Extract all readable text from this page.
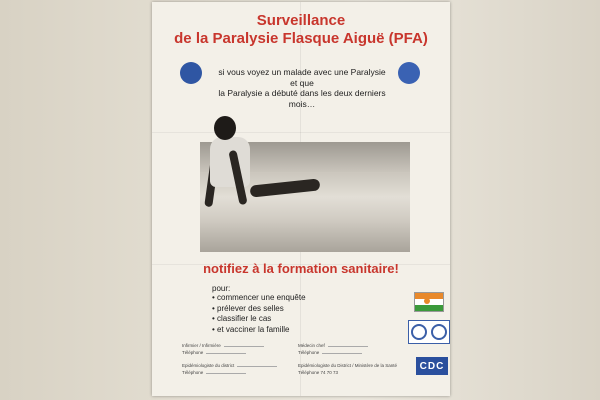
Surveillance
de la Paralysie Flasque Aiguë (PFA)
si vous voyez un malade avec une Paralysie
et que
la Paralysie a débuté dans les deux derniers mois…
notifiez à la formation sanitaire!
pour:
• commencer une enquête
• prélever des selles
• classifier le cas
• et vacciner la famille
CDC
Infirmier / Infirmière
Téléphone
Epidémiologiste du district
Téléphone
Médecin chef
Téléphone
Epidémiologiste du District / Ministère de la Santé
Téléphone 74 70 73
